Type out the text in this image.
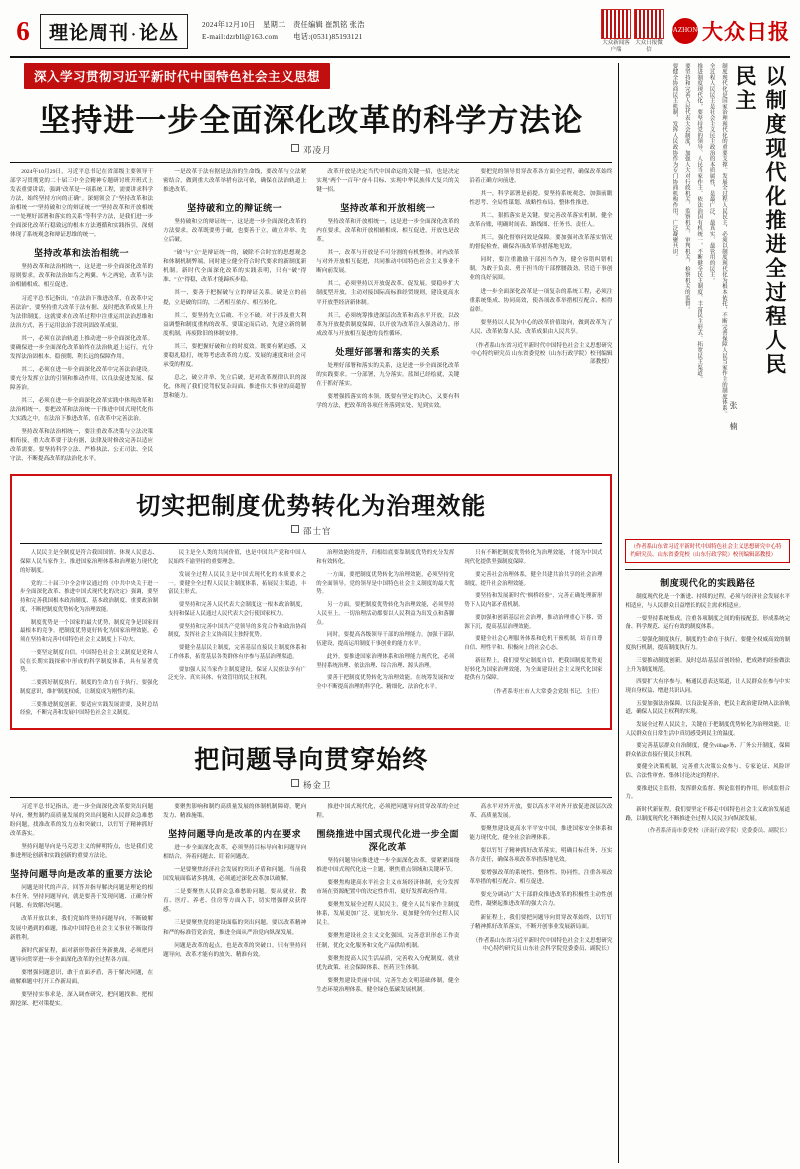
6	理论周刊 · 论丛	2024年12月10日　星期二　责任编辑 崔凯铭 张浩
E-mail:dzrbll@163.com　　电话:(0531)85193121
大众新闻客户端
大众日报微信
DAZHONG 大众日报
深入学习贯彻习近平新时代中国特色社会主义思想
坚持进一步全面深化改革的科学方法论
邓凌月

2024年10月29日，习近平总书记在省部级主要领导干部学习贯彻党的二十届三中全会精神专题研讨班开班式上发表重要讲话，强调"改革是一项系统工程，需要讲求科学方法，始终坚持方向的正确"。深刻领会了"坚持改革和法治相统一""坚持破和立的辩证统一""坚持改革和开放相统一""处理好部署和落实的关系"等科学方法，是我们进一步全面深化改革行稳致远的根本方法遵循和实践指引，深刻体现了系统观念和辩证思维的统一。

坚持改革和法治相统一

坚持改革和法治相统一，这是进一步全面深化改革的原则要求。改革和法治如鸟之两翼、车之两轮，改革与法治相辅相成、相互促进。

习近平总书记指出，"在法治下推进改革，在改革中完善法治"，要坚持重大改革于法有据、及时把改革成果上升为法律制度。这就要求在改革过程中注重运用法治思维和法治方式，善于运用法治手段巩固改革成果。

其一，必须在法治轨道上推动进一步全面深化改革。要确保进一步全面深化改革始终在法治轨道上运行，充分发挥法治固根本、稳预期、利长远的保障作用。

其二，必须在进一步全面深化改革中完善法治建设。要充分发挥立法的引领和推动作用，以良法促进发展、保障善治。

其三，必须在进一步全面深化改革实践中体现改革和法治相统一。要把改革和法治统一于推进中国式现代化伟大实践之中，在法治下推进改革，在改革中完善法治。

坚持改革和法治相统一，要注重改革决策与立法决策相衔接，重大改革要于法有据，法律及时修改完善以适应改革需要。要坚持科学立法、严格执法、公正司法、全民守法，不断提高改革的法治化水平。

一是改革于法有据是法治的生命线，要改革与立法紧密结合，做到重大改革举措有法可依，确保在法治轨道上推进改革。

坚持破和立的辩证统一

坚持破和立的辩证统一，这是进一步全面深化改革的方法要求。改革既要勇于破，也要善于立，破立并举、先立后破。

"破"与"立"是辩证统一的，破除不合时宜的思想观念和体制机制弊端，同时建立健全符合时代要求的新制度新机制。新时代全面深化改革的实践表明，只有"破"得准、"立"得稳，改革才能蹄疾步稳。

其一，要善于把握破与立的辩证关系。破是立的前提，立是破的目的，二者相互依存、相互转化。

其二，要坚持先立后破、不立不破。对于涉及重大利益调整和制度重构的改革，要谋定而后动，先建立新的制度机制，再废除旧的体制安排。

其三，要把握好破和立的时度效。既要有紧迫感，又要稳扎稳打，统筹考虑改革的力度、发展的速度和社会可承受的程度。

总之，破立并举、先立后破，是对改革规律认识的深化，体现了我们党驾驭复杂局面、推进伟大事业的高超智慧和能力。

改革开放是决定当代中国命运的关键一招，也是决定实现"两个一百年"奋斗目标、实现中华民族伟大复兴的关键一招。

坚持改革和开放相统一

坚持改革和开放相统一，这是进一步全面深化改革的内在要求。改革和开放相辅相成、相互促进，开放也是改革。

其一，改革与开放是不可分割的有机整体。对内改革与对外开放相互促进，共同推动中国特色社会主义事业不断向前发展。

其二，必须坚持以开放促改革、促发展。要稳步扩大制度型开放，主动对接国际高标准经贸规则，建设更高水平开放型经济新体制。

其三，必须统筹推进深层次改革和高水平开放。以改革为开放提供制度保障，以开放为改革注入强劲动力，形成改革与开放相互促进的良性循环。

处理好部署和落实的关系

处理好部署和落实的关系，这是进一步全面深化改革的实践要求。一分部署，九分落实。蓝图已经绘就，关键在于抓好落实。

要增强抓落实的本领，既要有坚定的决心，又要有科学的方法，把改革的各项任务落到实处、见到实效。

要把党的领导贯穿改革各方面全过程，确保改革始终沿着正确方向前进。

其一，科学部署是前提。要坚持系统观念，加强前瞻性思考、全局性谋划、战略性布局、整体性推进。

其二，狠抓落实是关键。要完善改革落实机制，健全改革台账，明确时间表、路线图、任务书、责任人。

其三，强化督察问效是保障。要加强对改革落实情况的督促检查，确保各项改革举措落地见效。

同时，要注重激励干部担当作为，健全容错纠错机制，为敢于负责、勇于担当的干部撑腰鼓劲，营造干事创业的良好氛围。

进一步全面深化改革是一项复杂的系统工程，必须注重系统集成、协同高效，使各项改革举措相互配合、相得益彰。

要坚持以人民为中心的改革价值取向，做到改革为了人民、改革依靠人民、改革成果由人民共享。

（作者系山东省习近平新时代中国特色社会主义思想研究中心特约研究员 山东省委党校（山东行政学院）校刊编辑部教授）
切实把制度优势转化为治理效能
邵士官

人民民主是全制度是符合我国国情、体现人民意志、保障人民当家作主、推进国家治理体系和治理能力现代化的好制度。

党的二十届三中全会审议通过的《中共中央关于进一步全面深化改革、推进中国式现代化的决定》强调，要坚持和完善我国根本政治制度、基本政治制度、重要政治制度，不断把制度优势转化为治理效能。

制度优势是一个国家的最大优势，制度竞争是国家间最根本的竞争。把制度优势更好转化为国家治理效能，必须在坚持和完善中国特色社会主义制度上下功夫。

一要坚定制度自信。中国特色社会主义制度是党和人民在长期实践探索中形成的科学制度体系，具有显著优势。

二要抓好制度执行。制度的生命力在于执行，要强化制度意识，维护制度权威，让制度成为刚性约束。

三要推进制度创新。要适应实践发展需要，及时总结经验，不断完善和发展中国特色社会主义制度。

民主是全人类的共同价值，也是中国共产党和中国人民始终不渝坚持的重要理念。

发展全过程人民民主是中国式现代化的本质要求之一。要健全全过程人民民主制度体系，拓展民主渠道，丰富民主形式。

要坚持和完善人民代表大会制度这一根本政治制度，支持和保证人民通过人民代表大会行使国家权力。

要坚持和完善中国共产党领导的多党合作和政治协商制度，发挥社会主义协商民主独特优势。

要健全基层民主制度，完善基层直接民主制度体系和工作体系，拓宽基层各类群体有序参与基层治理渠道。

要加强人民当家作主制度建设，保证人民依法享有广泛充分、真实具体、有效管用的民主权利。

治理效能的提升，归根结底要靠制度优势的充分发挥和有效转化。

一方面，要把制度优势转化为治理效能，必须坚持党的全面领导。党的领导是中国特色社会主义制度的最大优势。

另一方面，要把制度优势转化为治理效能，必须坚持人民至上。一切治理活动都要以人民利益为出发点和落脚点。

同时，要提高各级领导干部的治理能力。加强干部队伍建设，提高运用制度干事创业的能力水平。

此外，要推进国家治理体系和治理能力现代化，必须坚持系统治理、依法治理、综合治理、源头治理。

要善于把制度优势转化为治理效能，在统筹发展和安全中不断提高治理的科学化、精细化、法治化水平。

只有不断把制度优势转化为治理效能，才能为中国式现代化提供坚强制度保障。

要完善社会治理体系，健全共建共治共享的社会治理制度，提升社会治理效能。

要坚持和发展新时代"枫桥经验"，完善正确处理新形势下人民内部矛盾机制。

要加强和创新基层社会治理，推动治理重心下移、资源下沉，提高基层治理效能。

要健全社会心理服务体系和危机干预机制，培育自尊自信、理性平和、积极向上的社会心态。

新征程上，我们要坚定制度自信，把我国制度优势更好转化为国家治理效能，为全面建设社会主义现代化国家提供有力保障。

（作者系枣庄市人大常委会党组书记、主任）
把问题导向贯穿始终
杨金卫

习近平总书记指出，进一步全面深化改革要突出问题导向，聚焦制约高质量发展的突出问题和人民群众急难愁盼问题，找准改革的发力点和突破口，以钉钉子精神抓好改革落实。

坚持问题导向是马克思主义的鲜明特点，也是我们党推进理论创新和实践创新的重要方法论。

坚持问题导向是改革的重要方法论

问题是时代的声音，回答并指导解决问题是理论的根本任务。坚持问题导向，就是要善于发现问题、正确分析问题、有效解决问题。

改革开放以来，我们党始终坚持问题导向，不断破解发展中遇到的难题，推动中国特色社会主义事业不断取得新胜利。

新时代新征程，面对新形势新任务新挑战，必须把问题导向贯穿进一步全面深化改革的全过程各方面。

要增强问题意识，敢于直面矛盾，善于解决问题，在破解难题中打开工作新局面。

要坚持实事求是，深入调查研究，把问题找准、把根源挖深、把对策提实。

要聚焦影响和制约高质量发展的体制机制障碍，靶向发力、精准施策。

坚持问题导向是改革的内在要求

进一步全面深化改革，必须坚持目标导向和问题导向相结合，奔着问题去、盯着问题改。

一是要聚焦经济社会发展的突出矛盾和问题。当前我国发展面临诸多挑战，必须通过深化改革加以破解。

二是要聚焦人民群众急难愁盼问题。要从就业、教育、医疗、养老、住房等方面入手，切实增强群众获得感。

三是要聚焦党的建设面临的突出问题。要以改革精神和严的标准管党治党，推进全面从严治党向纵深发展。

问题是改革的起点，也是改革的突破口。只有坚持问题导向，改革才能有的放矢、精准有效。

推进中国式现代化，必须把问题导向贯穿改革的全过程。

围绕推进中国式现代化进一步全面深化改革

坚持问题导向推进进一步全面深化改革，要紧紧围绕推进中国式现代化这一主题，聚焦重点领域和关键环节。

要聚焦构建高水平社会主义市场经济体制，充分发挥市场在资源配置中的决定性作用，更好发挥政府作用。

要聚焦发展全过程人民民主，健全人民当家作主制度体系，发展更加广泛、更加充分、更加健全的全过程人民民主。

要聚焦建设社会主义文化强国，完善意识形态工作责任制，优化文化服务和文化产品供给机制。

要聚焦提高人民生活品质，完善收入分配制度、就业优先政策、社会保障体系、医药卫生体制。

要聚焦建设美丽中国，完善生态文明基础体制，健全生态环境治理体系，健全绿色低碳发展机制。

高水平对外开放，要以高水平对外开放促进深层次改革、高质量发展。

要聚焦建设更高水平平安中国，推进国家安全体系和能力现代化，健全社会治理体系。

要以钉钉子精神抓好改革落实，明确目标任务，压实各方责任，确保各项改革举措落地见效。

要增强改革的系统性、整体性、协同性，注重各项改革举措的相互配合、相互促进。

要充分调动广大干部群众推进改革的积极性主动性创造性，凝聚起推进改革的强大合力。

新征程上，我们要把问题导向贯穿改革始终，以钉钉子精神抓好改革落实，不断开创事业发展新局面。

（作者系山东省习近平新时代中国特色社会主义思想研究中心特约研究员 山东社会科学院党委委员、副院长）
以制度现代化推进全过程人民民主
张 楠
制度现代化是国家治理现代化的重要支撑。发展全过程人民民主，必须以制度现代化为根本依托，不断完善保障人民当家作主的制度体系。
全过程人民民主是社会主义民主政治的本质属性，是最广泛、最真实、最管用的民主。
推进制度现代化，要坚持党的领导、人民当家作主、依法治国有机统一，不断健全民主制度、丰富民主形式、拓宽民主渠道。
要坚持和完善人民代表大会制度，加强人大对行政机关、监察机关、审判机关、检察机关的监督。
要健全协商民主机制，发挥人民政协作为专门协商机构作用，广泛凝聚共识。
（作者系山东省习近平新时代中国特色社会主义思想研究中心特约研究员、山东省委党校（山东行政学院）校刊编辑部教授）
制度现代化的实践路径

制度现代化是一个渐进、持续的过程，必须与经济社会发展水平相适应，与人民群众日益增长的民主需求相适应。

一要坚持系统集成。注重各项制度之间的衔接配套，形成系统完备、科学规范、运行有效的制度体系。

二要强化制度执行。制度的生命在于执行，要健全权威高效的制度执行机制，提高制度执行力。

三要推动制度创新。及时总结基层首创经验，把成熟的经验做法上升为制度规范。

四要扩大有序参与。畅通民意表达渠道，让人民群众在参与中实现自身权益、增进共识认同。

五要加强法治保障。以良法促善治，把民主政治建设纳入法治轨道，确保人民民主权利的实现。

发展全过程人民民主，关键在于把制度优势转化为治理效能，让人民群众在日常生活中真切感受到民主的温度。

要完善基层群众自治制度，健全village务、厂务公开制度，保障群众依法直接行使民主权利。

要健全决策机制，完善重大决策公众参与、专家论证、风险评估、合法性审查、集体讨论决定的程序。

要推进民主监督，发挥群众监督、舆论监督的作用，形成监督合力。

新时代新征程，我们要坚定不移走中国特色社会主义政治发展道路，以制度现代化不断推进全过程人民民主向纵深发展。

（作者系济南市委党校（济南行政学院）党委委员、副院长）
